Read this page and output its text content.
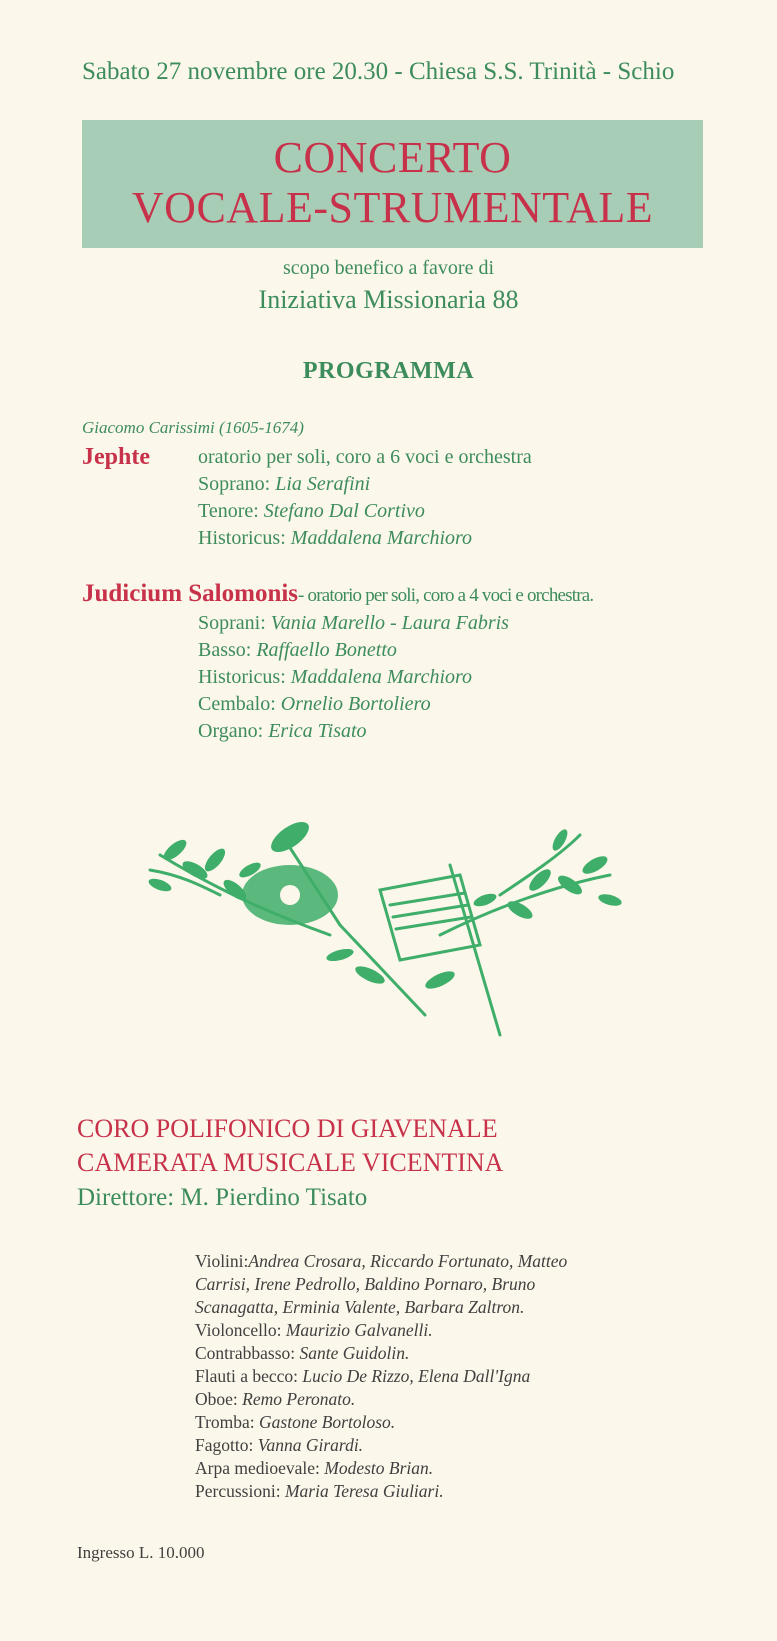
Sabato 27 novembre ore 20.30 - Chiesa S.S. Trinità - Schio
CONCERTO
VOCALE-STRUMENTALE
scopo benefico a favore di
Iniziativa Missionaria 88
PROGRAMMA
Giacomo Carissimi (1605-1674)
Jephte oratorio per soli, coro a 6 voci e orchestra
Soprano: Lia Serafini
Tenore: Stefano Dal Cortivo
Historicus: Maddalena Marchioro
Judicium Salomonis- oratorio per soli, coro a 4 voci e orchestra.
Soprani: Vania Marello - Laura Fabris
Basso: Raffaello Bonetto
Historicus: Maddalena Marchioro
Cembalo: Ornelio Bortoliero
Organo: Erica Tisato
CORO POLIFONICO DI GIAVENALE
CAMERATA MUSICALE VICENTINA
Direttore: M. Pierdino Tisato
Violini:Andrea Crosara, Riccardo Fortunato, Matteo
Carrisi, Irene Pedrollo, Baldino Pornaro, Bruno
Scanagatta, Erminia Valente, Barbara Zaltron.
Violoncello: Maurizio Galvanelli.
Contrabbasso: Sante Guidolin.
Flauti a becco: Lucio De Rizzo, Elena Dall'Igna
Oboe: Remo Peronato.
Tromba: Gastone Bortoloso.
Fagotto: Vanna Girardi.
Arpa medioevale: Modesto Brian.
Percussioni: Maria Teresa Giuliari.
Ingresso L. 10.000
